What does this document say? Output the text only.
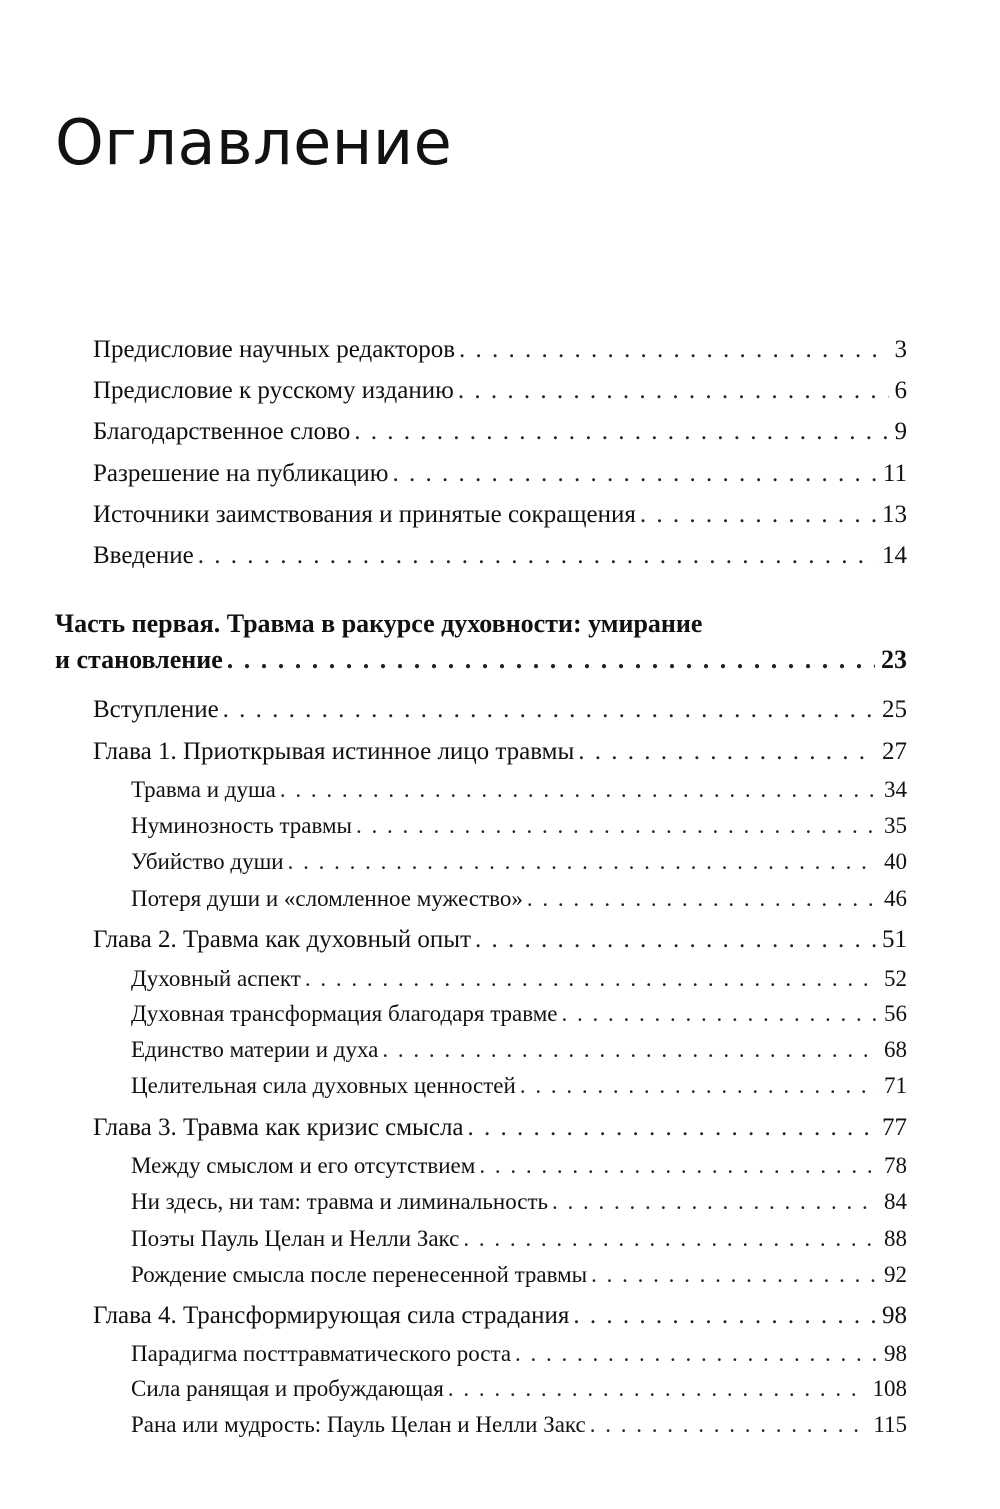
Оглавление
Предисловие научных редакторов . . .	3
Предисловие к русскому изданию . . .	6
Благодарственное слово . . .	9
Разрешение на публикацию . . .	11
Источники заимствования и принятые сокращения . . .	13
Введение . . .	14
Часть первая. Травма в ракурсе духовности: умирание
и становление . . .	23
Вступление . . .	25
Глава 1. Приоткрывая истинное лицо травмы . . .	27
Травма и душа . . .	34
Нуминозность травмы . . .	35
Убийство души . . .	40
Потеря души и «сломленное мужество» . . .	46
Глава 2. Травма как духовный опыт . . .	51
Духовный аспект . . .	52
Духовная трансформация благодаря травме . . .	56
Единство материи и духа . . .	68
Целительная сила духовных ценностей . . .	71
Глава 3. Травма как кризис смысла . . .	77
Между смыслом и его отсутствием . . .	78
Ни здесь, ни там: травма и лиминальность . . .	84
Поэты Пауль Целан и Нелли Закс . . .	88
Рождение смысла после перенесенной травмы . . .	92
Глава 4. Трансформирующая сила страдания . . .	98
Парадигма посттравматического роста . . .	98
Сила ранящая и пробуждающая . . .	108
Рана или мудрость: Пауль Целан и Нелли Закс . . .	115
